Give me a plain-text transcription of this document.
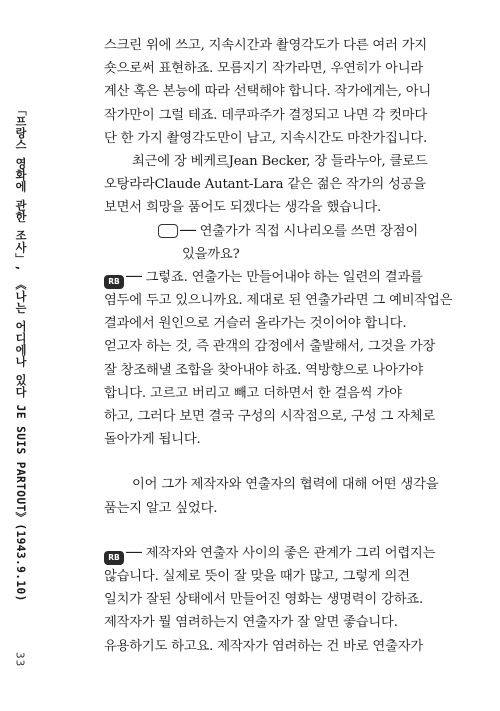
「프랑스 영화에 관한 조사」, 《나는 어디에나 있다 JE SUIS PARTOUT》(1943.9.10)
33
스크린 위에 쓰고, 지속시간과 촬영각도가 다른 여러 가지
숏으로써 표현하죠. 모름지기 작가라면, 우연히가 아니라
계산 혹은 본능에 따라 선택해야 합니다. 작가에게는, 아니
작가만이 그럴 테죠. 데쿠파주가 결정되고 나면 각 컷마다
단 한 가지 촬영각도만이 남고, 지속시간도 마찬가집니다.
최근에 장 베케르Jean Becker, 장 들라누아, 클로드
오탕라라Claude Autant-Lara 같은 젊은 작가의 성공을
보면서 희망을 품어도 되겠다는 생각을 했습니다.
── 연출가가 직접 시나리오를 쓰면 장점이
있을까요?
RB ── 그렇죠. 연출가는 만들어내야 하는 일련의 결과를
염두에 두고 있으니까요. 제대로 된 연출가라면 그 예비작업은
결과에서 원인으로 거슬러 올라가는 것이어야 합니다.
얻고자 하는 것, 즉 관객의 감정에서 출발해서, 그것을 가장
잘 창조해낼 조합을 찾아내야 하죠. 역방향으로 나아가야
합니다. 고르고 버리고 빼고 더하면서 한 걸음씩 가야
하고, 그러다 보면 결국 구성의 시작점으로, 구성 그 자체로
돌아가게 됩니다.
이어 그가 제작자와 연출자의 협력에 대해 어떤 생각을
품는지 알고 싶었다.
RB ── 제작자와 연출자 사이의 좋은 관계가 그리 어렵지는
않습니다. 실제로 뜻이 잘 맞을 때가 많고, 그렇게 의견
일치가 잘된 상태에서 만들어진 영화는 생명력이 강하죠.
제작자가 뭘 염려하는지 연출자가 잘 알면 좋습니다.
유용하기도 하고요. 제작자가 염려하는 건 바로 연출자가
